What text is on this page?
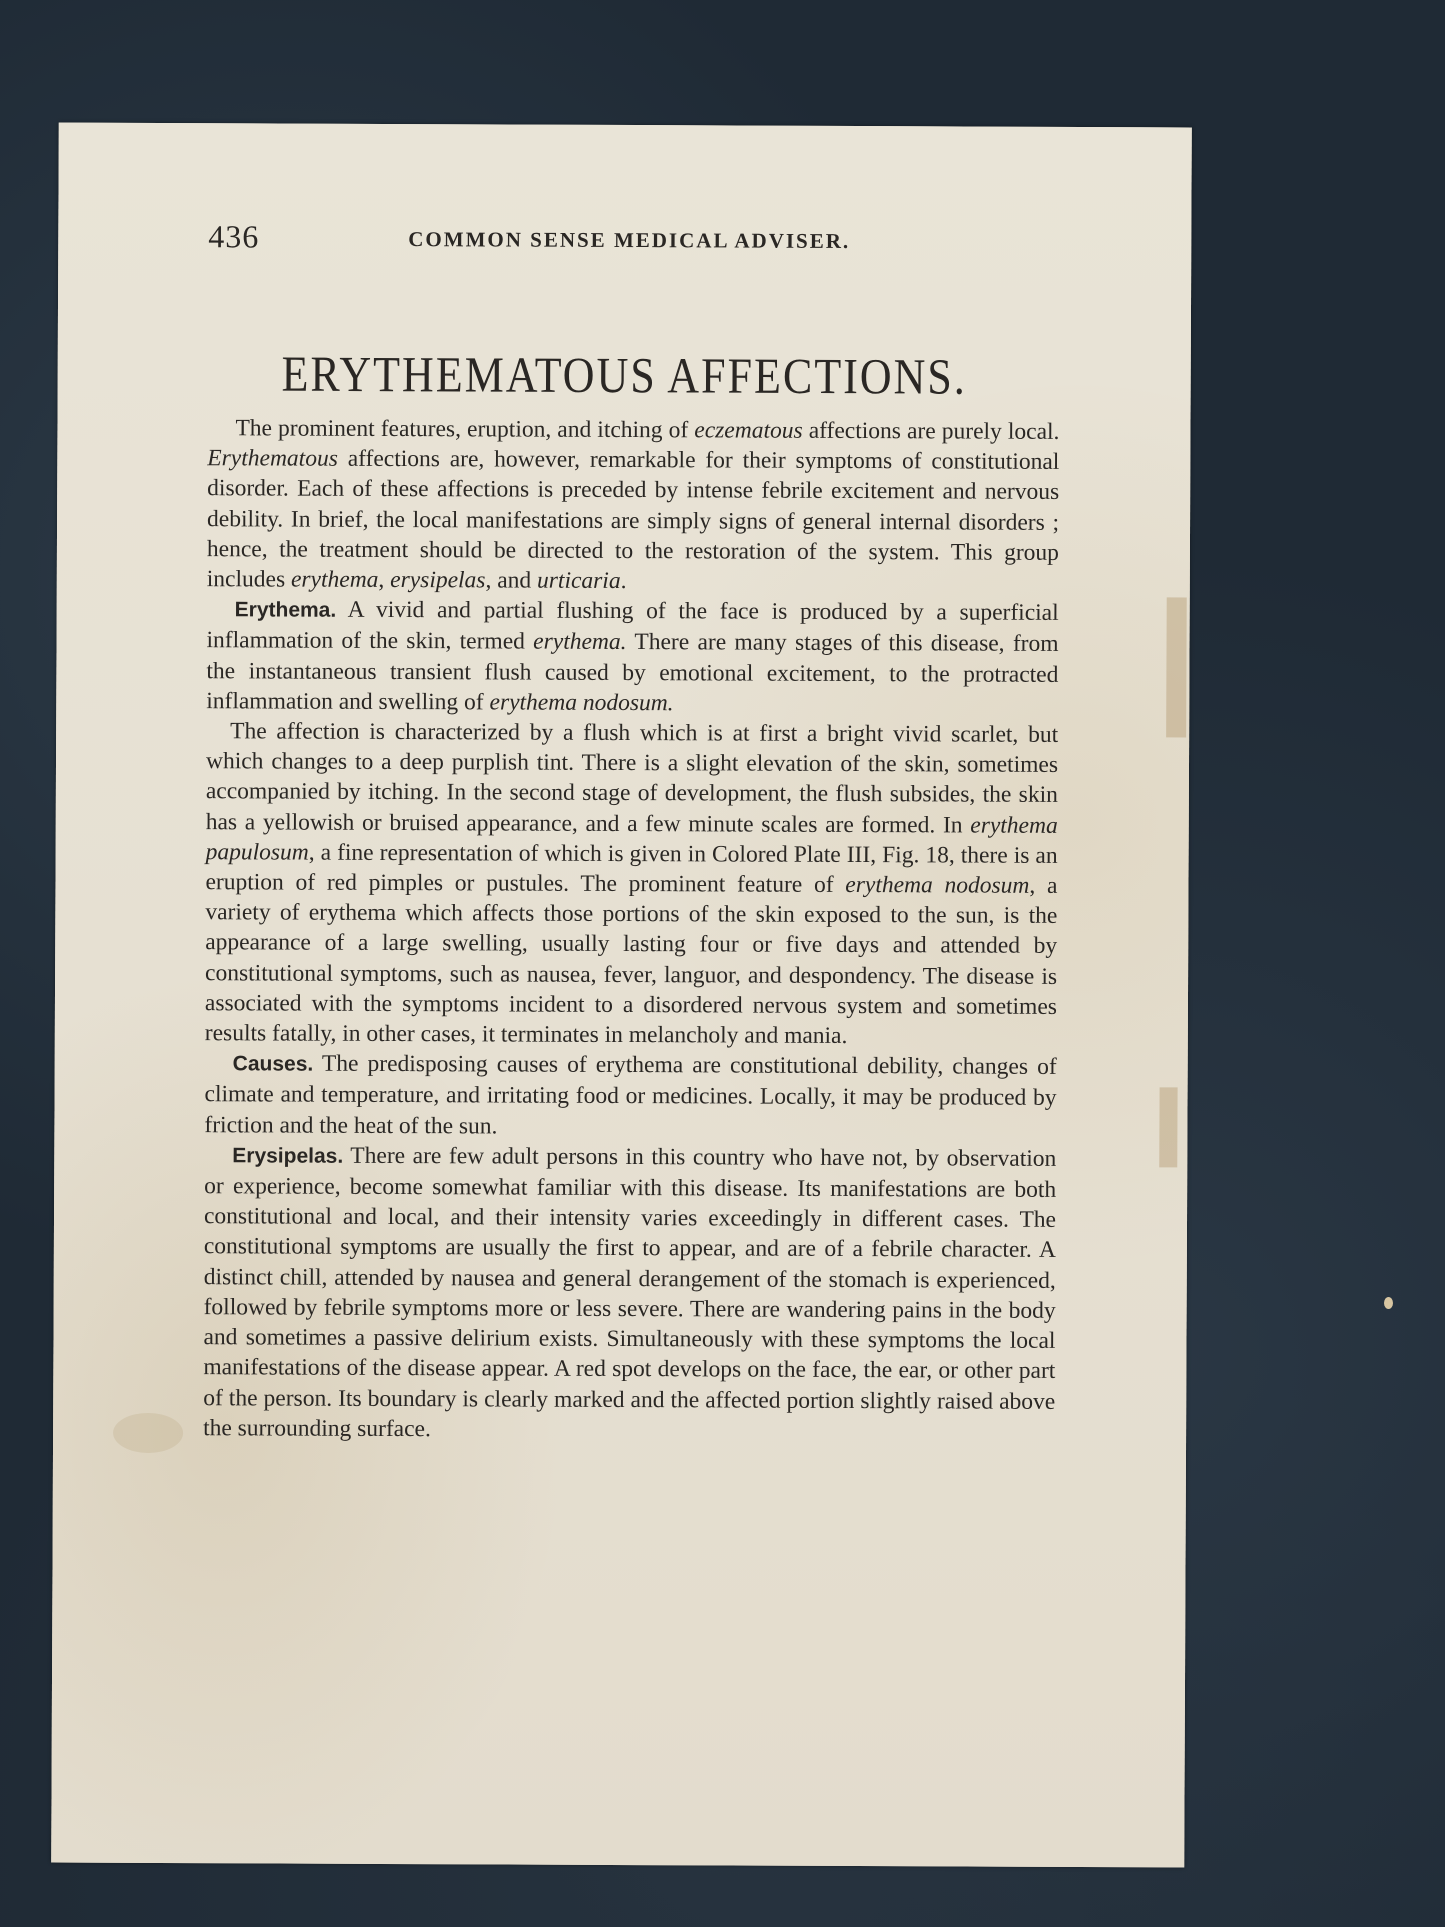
436	COMMON SENSE MEDICAL ADVISER.
ERYTHEMATOUS AFFECTIONS.

The prominent features, eruption, and itching of eczematous affections are purely local. Erythematous affections are, however, remarkable for their symptoms of constitutional disorder. Each of these affections is preceded by intense febrile excitement and nervous debility. In brief, the local manifestations are simply signs of general internal disorders ; hence, the treatment should be directed to the restoration of the system. This group includes erythema, erysipelas, and urticaria.

Erythema. A vivid and partial flushing of the face is produced by a superficial inflammation of the skin, termed erythema. There are many stages of this disease, from the instantaneous transient flush caused by emotional excitement, to the protracted inflammation and swelling of erythema nodosum.

The affection is characterized by a flush which is at first a bright vivid scarlet, but which changes to a deep purplish tint. There is a slight elevation of the skin, sometimes accompanied by itching. In the second stage of development, the flush subsides, the skin has a yellowish or bruised appearance, and a few minute scales are formed. In erythema papulosum, a fine representation of which is given in Colored Plate III, Fig. 18, there is an eruption of red pimples or pustules. The prominent feature of erythema nodosum, a variety of erythema which affects those portions of the skin exposed to the sun, is the appearance of a large swelling, usually lasting four or five days and attended by constitutional symptoms, such as nausea, fever, languor, and despondency. The disease is associated with the symptoms incident to a disordered nervous system and sometimes results fatally, in other cases, it terminates in melancholy and mania.

Causes. The predisposing causes of erythema are constitutional debility, changes of climate and temperature, and irritating food or medicines. Locally, it may be produced by friction and the heat of the sun.

Erysipelas. There are few adult persons in this country who have not, by observation or experience, become somewhat familiar with this disease. Its manifestations are both constitutional and local, and their intensity varies exceedingly in different cases. The constitutional symptoms are usually the first to appear, and are of a febrile character. A distinct chill, attended by nausea and general derangement of the stomach is experienced, followed by febrile symptoms more or less severe. There are wandering pains in the body and sometimes a passive delirium exists. Simultaneously with these symptoms the local manifestations of the disease appear. A red spot develops on the face, the ear, or other part of the person. Its boundary is clearly marked and the affected portion slightly raised above the surrounding surface.
